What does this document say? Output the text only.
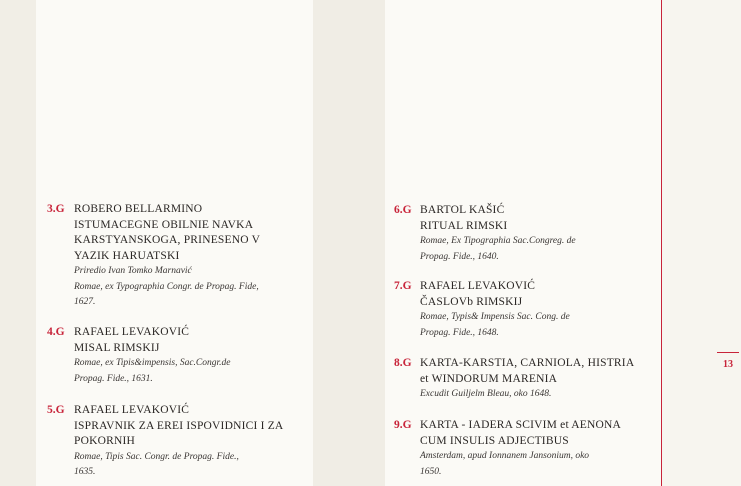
13
3.G ROBERO BELLARMINO
ISTUMACEGNE OBILNIE NAVKA
KARSTYANSKOGA, PRINESENO V
YAZIK HARUATSKI
Priredio Ivan Tomko Marnavić
Romae, ex Typographia Congr. de Propag. Fide,
1627.
4.G RAFAEL LEVAKOVIĆ
MISAL RIMSKIJ
Romae, ex Tipis&impensis, Sac.Congr.de
Propag. Fide., 1631.
5.G RAFAEL LEVAKOVIĆ
ISPRAVNIK ZA EREI ISPOVIDNICI I ZA
POKORNIH
Romae, Tipis Sac. Congr. de Propag. Fide.,
1635.
6.G BARTOL KAŠIĆ
RITUAL RIMSKI
Romae, Ex Tipographia Sac.Congreg. de
Propag. Fide., 1640.
7.G RAFAEL LEVAKOVIĆ
ČASLOVb RIMSKIJ
Romae, Typis& Impensis Sac. Cong. de
Propag. Fide., 1648.
8.G KARTA-KARSTIA, CARNIOLA, HISTRIA
et WINDORUM MARENIA
Excudit Guiljelm Bleau, oko 1648.
9.G KARTA - IADERA SCIVIM et AENONA
CUM INSULIS ADJECTIBUS
Amsterdam, apud Ionnanem Jansonium, oko
1650.
